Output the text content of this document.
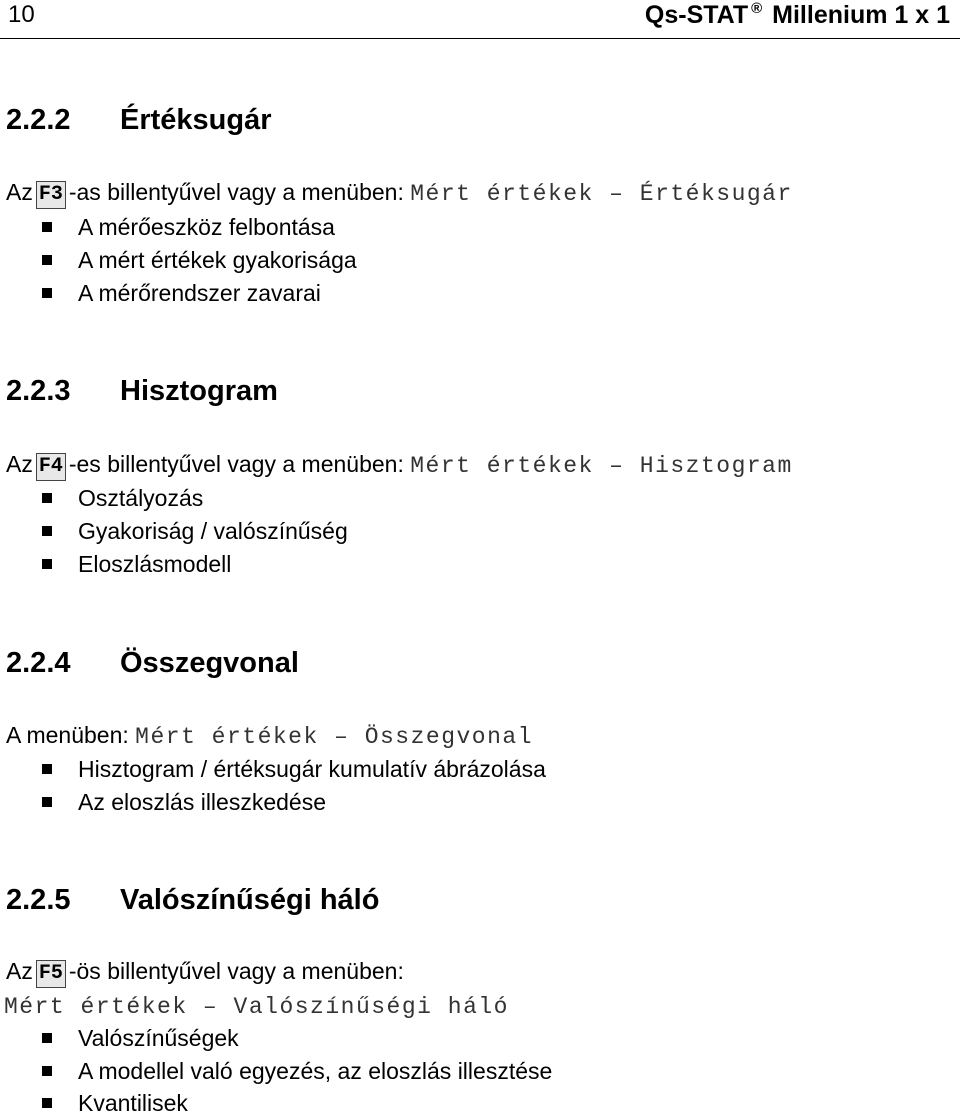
10	Qs-STAT ® Millenium 1 x 1
2.2.2 Értéksugár
Az F3 -as billentyűvel vagy a menüben: Mért értékek – Értéksugár
A mérőeszköz felbontása
A mért értékek gyakorisága
A mérőrendszer zavarai
2.2.3 Hisztogram
Az F4 -es billentyűvel vagy a menüben: Mért értékek – Hisztogram
Osztályozás
Gyakoriság / valószínűség
Eloszlásmodell
2.2.4 Összegvonal
A menüben: Mért értékek – Összegvonal
Hisztogram / értéksugár kumulatív ábrázolása
Az eloszlás illeszkedése
2.2.5 Valószínűségi háló
Az F5 -ös billentyűvel vagy a menüben:
Mért értékek – Valószínűségi háló
Valószínűségek
A modellel való egyezés, az eloszlás illesztése
Kvantilisek
